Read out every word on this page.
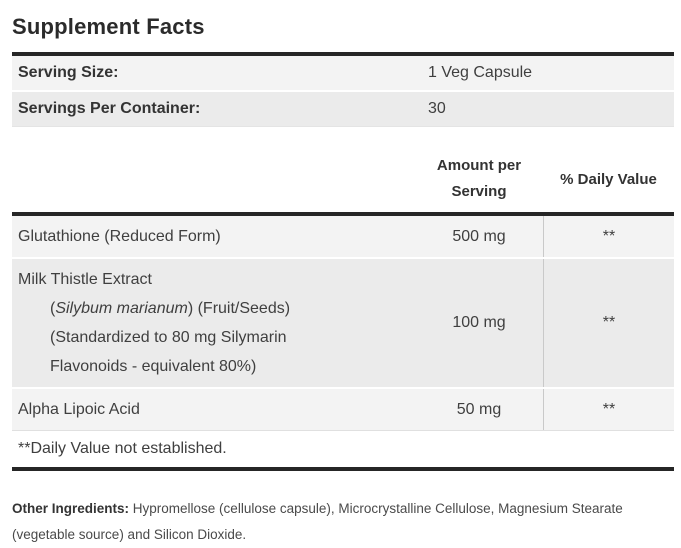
Supplement Facts
Serving Size:	1 Veg Capsule
Servings Per Container:	30
Amount per
Serving
% Daily Value
Glutathione (Reduced Form)	500 mg	**
Milk Thistle Extract
(Silybum marianum) (Fruit/Seeds)
(Standardized to 80 mg Silymarin
Flavonoids - equivalent 80%)
100 mg	**
Alpha Lipoic Acid	50 mg	**
**Daily Value not established.

Other Ingredients: Hypromellose (cellulose capsule), Microcrystalline Cellulose, Magnesium Stearate (vegetable source) and Silicon Dioxide.
